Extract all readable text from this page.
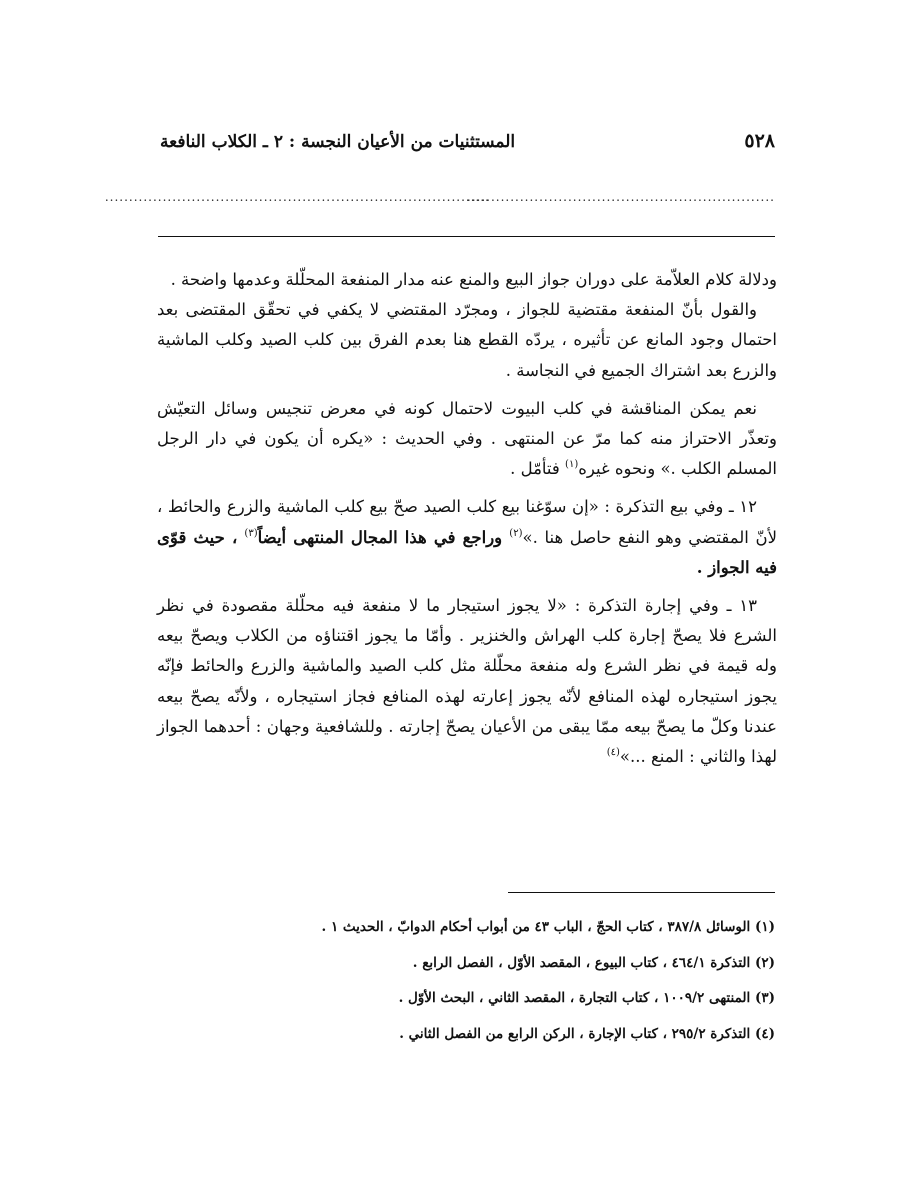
٥٢٨
المستثنيات من الأعيان النجسة : ٢ ـ الكلاب النافعة
................................................................
................................................................................

ودلالة كلام العلاّمة على دوران جواز البيع والمنع عنه مدار المنفعة المحلّلة وعدمها واضحة .

والقول بأنّ المنفعة مقتضية للجواز ، ومجرّد المقتضي لا يكفي في تحقّق المقتضى بعد احتمال وجود المانع عن تأثيره ، يردّه القطع هنا بعدم الفرق بين كلب الصيد وكلب الماشية والزرع بعد اشتراك الجميع في النجاسة .

نعم يمكن المناقشة في كلب البيوت لاحتمال كونه في معرض تنجيس وسائل التعيّش وتعذّر الاحتراز منه كما مرّ عن المنتهى . وفي الحديث : «يكره أن يكون في دار الرجل المسلم الكلب .» ونحوه غيره$^{(١)}$ فتأمّل .

١٢ ـ وفي بيع التذكرة : «إن سوّغنا بيع كلب الصيد صحّ بيع كلب الماشية والزرع والحائط ، لأنّ المقتضي وهو النفع حاصل هنا .»$^{(٢)}$ وراجع في هذا المجال المنتهى أيضاً$^{(٣)}$ ، حيث قوّى فيه الجواز .

١٣ ـ وفي إجارة التذكرة : «لا يجوز استيجار ما لا منفعة فيه محلّلة مقصودة في نظر الشرع فلا يصحّ إجارة كلب الهراش والخنزير . وأمّا ما يجوز اقتناؤه من الكلاب ويصحّ بيعه وله قيمة في نظر الشرع وله منفعة محلّلة مثل كلب الصيد والماشية والزرع والحائط فإنّه يجوز استيجاره لهذه المنافع لأنّه يجوز إعارته لهذه المنافع فجاز استيجاره ، ولأنّه يصحّ بيعه عندنا وكلّ ما يصحّ بيعه ممّا يبقى من الأعيان يصحّ إجارته . وللشافعية وجهان : أحدهما الجواز لهذا والثاني : المنع ...»$^{(٤)}$

(١) الوسائل ٣٨٧/٨ ، كتاب الحجّ ، الباب ٤٣ من أبواب أحكام الدوابّ ، الحديث ١ .
(٢) التذكرة ٤٦٤/١ ، كتاب البيوع ، المقصد الأوّل ، الفصل الرابع .
(٣) المنتهى ١٠٠٩/٢ ، كتاب التجارة ، المقصد الثاني ، البحث الأوّل .
(٤) التذكرة ٢٩٥/٢ ، كتاب الإجارة ، الركن الرابع من الفصل الثاني .
